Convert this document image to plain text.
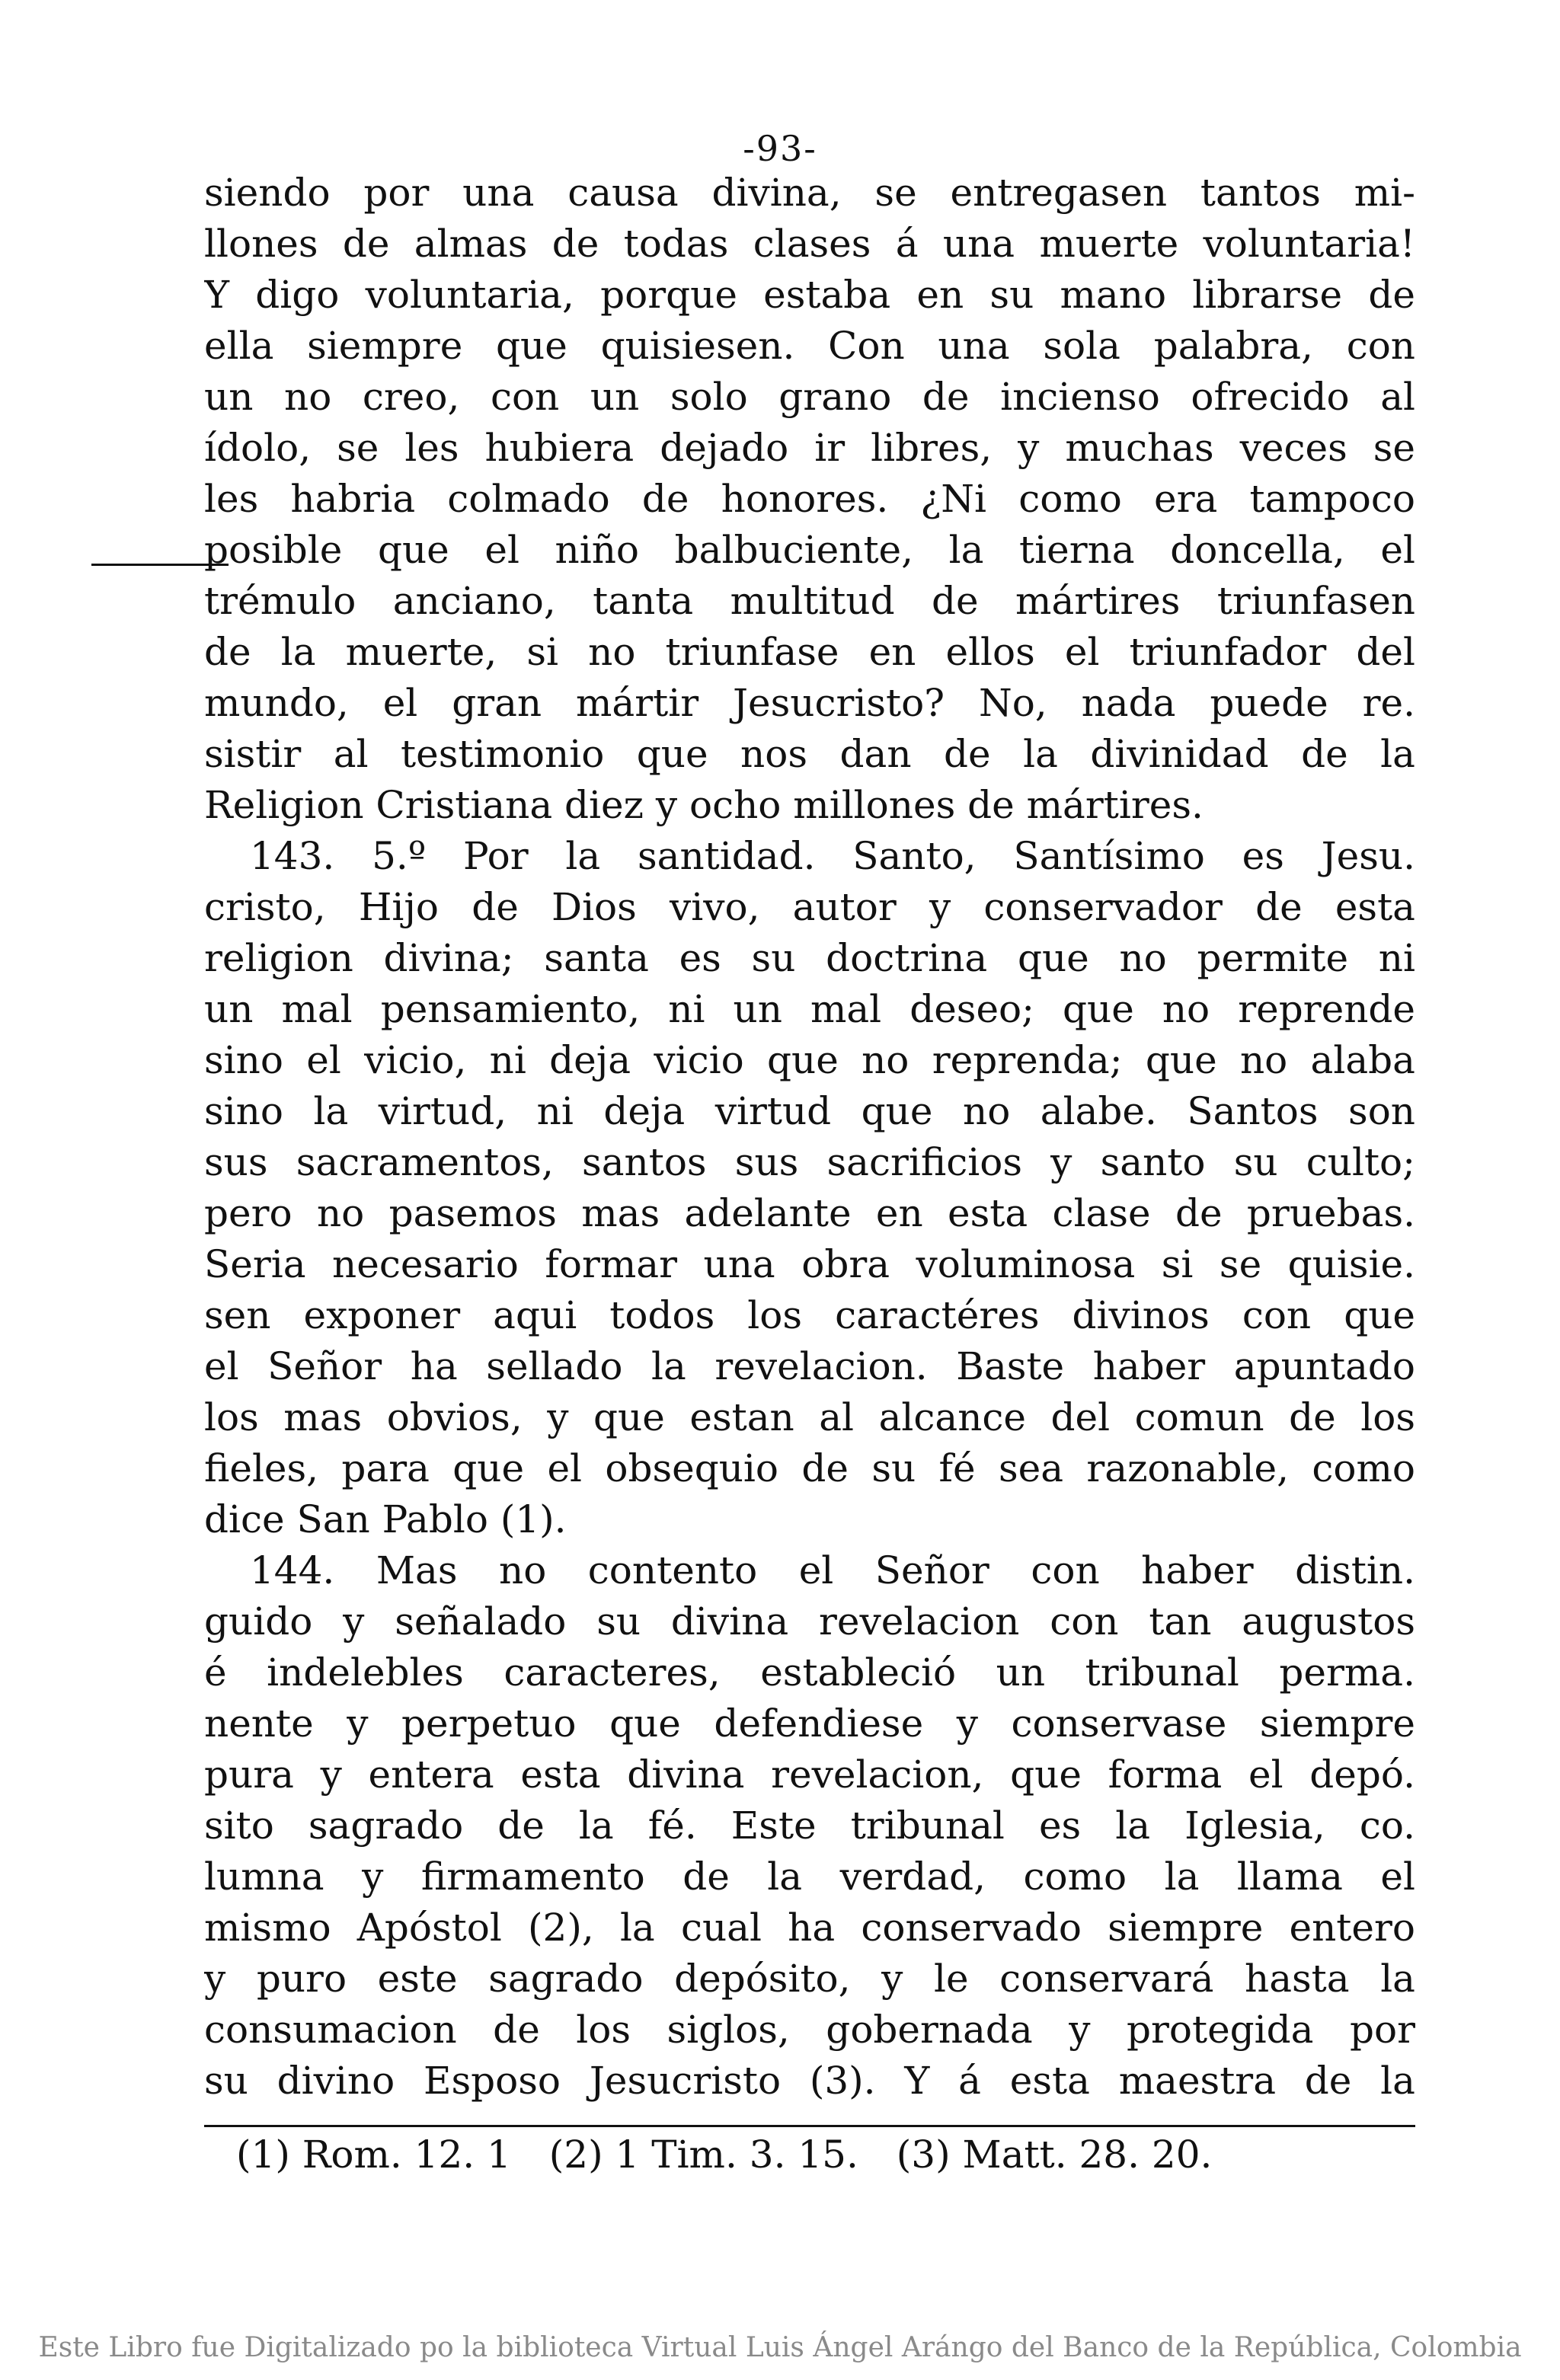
-93-
siendo por una causa divina, se entregasen tantos mi-
llones de almas de todas clases á una muerte voluntaria!
Y digo voluntaria, porque estaba en su mano librarse de
ella siempre que quisiesen. Con una sola palabra, con
un no creo, con un solo grano de incienso ofrecido al
ídolo, se les hubiera dejado ir libres, y muchas veces se
les habria colmado de honores. ¿Ni como era tampoco
posible que el niño balbuciente, la tierna doncella, el
trémulo anciano, tanta multitud de mártires triunfasen
de la muerte, si no triunfase en ellos el triunfador del
mundo, el gran mártir Jesucristo? No, nada puede re.
sistir al testimonio que nos dan de la divinidad de la
Religion Cristiana diez y ocho millones de mártires.
143. 5.º Por la santidad. Santo, Santísimo es Jesu.
cristo, Hijo de Dios vivo, autor y conservador de esta
religion divina; santa es su doctrina que no permite ni
un mal pensamiento, ni un mal deseo; que no reprende
sino el vicio, ni deja vicio que no reprenda; que no alaba
sino la virtud, ni deja virtud que no alabe. Santos son
sus sacramentos, santos sus sacrificios y santo su culto;
pero no pasemos mas adelante en esta clase de pruebas.
Seria necesario formar una obra voluminosa si se quisie.
sen exponer aqui todos los caractéres divinos con que
el Señor ha sellado la revelacion. Baste haber apuntado
los mas obvios, y que estan al alcance del comun de los
fieles, para que el obsequio de su fé sea razonable, como
dice San Pablo (1).
144. Mas no contento el Señor con haber distin.
guido y señalado su divina revelacion con tan augustos
é indelebles caracteres, estableció un tribunal perma.
nente y perpetuo que defendiese y conservase siempre
pura y entera esta divina revelacion, que forma el depó.
sito sagrado de la fé. Este tribunal es la Iglesia, co.
lumna y firmamento de la verdad, como la llama el
mismo Apóstol (2), la cual ha conservado siempre entero
y puro este sagrado depósito, y le conservará hasta la
consumacion de los siglos, gobernada y protegida por
su divino Esposo Jesucristo (3). Y á esta maestra de la
(1) Rom. 12. 1 (2) 1 Tim. 3. 15. (3) Matt. 28. 20.
Este Libro fue Digitalizado po la biblioteca Virtual Luis Ángel Arángo del Banco de la República, Colombia
